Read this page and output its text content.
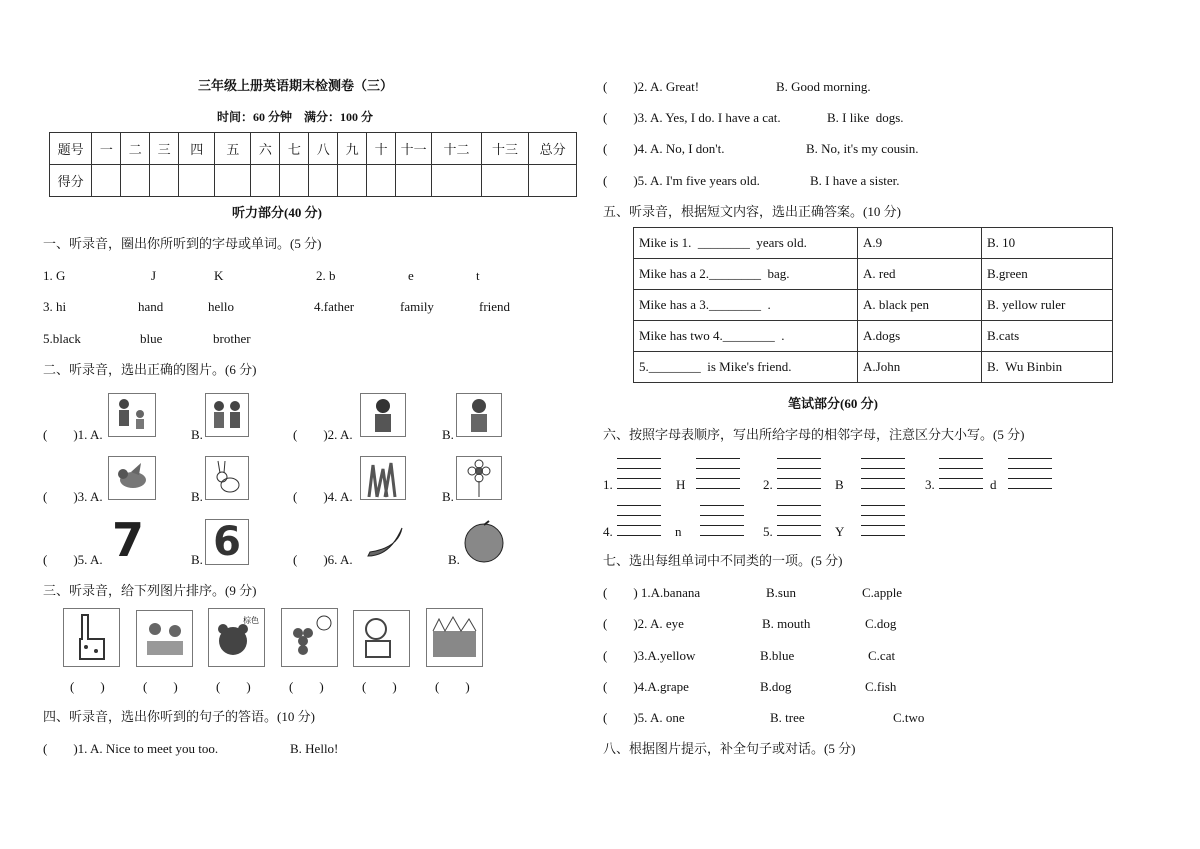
三年级上册英语期末检测卷（三）
时间：60 分钟    满分：100 分
题号	一	二	三	四	五	六	七	八	九	十	十一	十二	十三	总分
得分														
听力部分(40 分)
一、听录音，圈出你所听到的字母或单词。(5 分)
1. G	J	K	2. b	e	t
3. hi	hand	hello	4.father	family	friend
5.black	blue	brother
二、听录音，选出正确的图片。(6 分)
(        )1. A.	B.	(        )2. A.	B.
(        )3. A.	B.	(        )4. A.	B.
(        )5. A. 7	B. 6	(        )6. A.	B.
三、听录音，给下列图片排序。(9 分)
棕色
(        )	(        )	(        )	(        )	(        )	(        )
四、听录音，选出你听到的句子的答语。(10 分)
(        )1. A. Nice to meet you too.	B. Hello!
(        )2. A. Great!	B. Good morning.
(        )3. A. Yes, I do. I have a cat.	B. I like  dogs.
(        )4. A. No, I don't.	B. No, it's my cousin.
(        )5. A. I'm five years old.	B. I have a sister.
五、听录音，根据短文内容，选出正确答案。(10 分)
Mike is 1.  ________  years old.	A.9	B. 10
Mike has a 2.________  bag.	A. red	B.green
Mike has a 3.________  .	A. black pen	B. yellow ruler
Mike has two 4.________  .	A.dogs	B.cats
5.________  is Mike's friend.	A.John	B.  Wu Binbin
笔试部分(60 分)
六、按照字母表顺序，写出所给字母的相邻字母，注意区分大小写。(5 分)
1.	H	2.	B	3.	d
4.	n	5.	Y
七、选出每组单词中不同类的一项。(5 分)
(        ) 1.A.banana	B.sun	C.apple
(        )2. A. eye	B. mouth	C.dog
(        )3.A.yellow	B.blue	C.cat
(        )4.A.grape	B.dog	C.fish
(        )5. A. one	B. tree	C.two
八、根据图片提示，补全句子或对话。(5 分)
